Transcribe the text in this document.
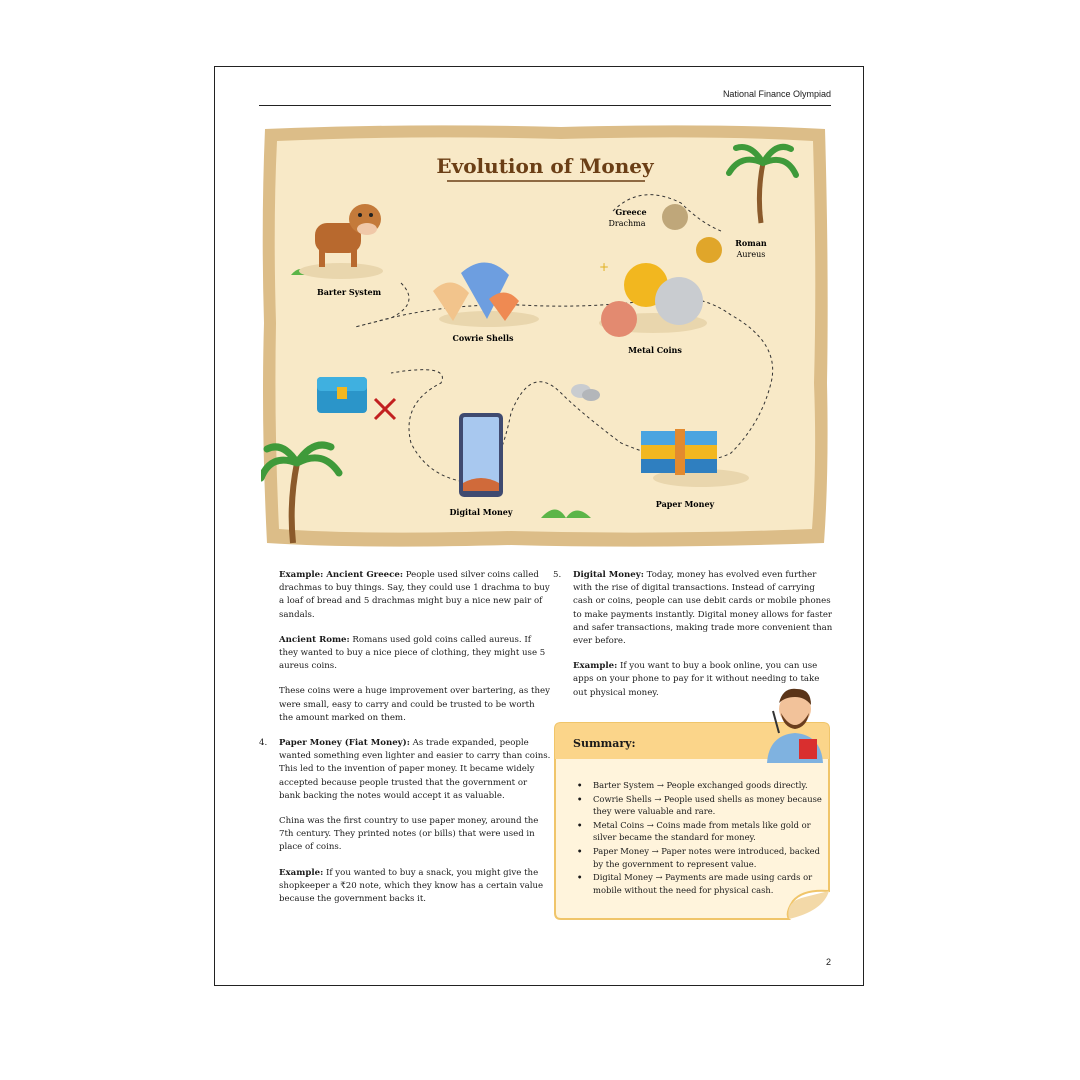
National Finance Olympiad
Evolution of Money
Barter System
Cowrie Shells
Metal Coins
Greece
Drachma
Roman
Aureus
Digital Money
Paper Money
+

Example: Ancient Greece: People used silver coins called drachmas to buy things. Say, they could use 1 drachma to buy a loaf of bread and 5 drachmas might buy a nice new pair of sandals.

Ancient Rome: Romans used gold coins called aureus. If they wanted to buy a nice piece of clothing, they might use 5 aureus coins.

These coins were a huge improvement over bartering, as they were small, easy to carry and could be trusted to be worth the amount marked on them.

4. Paper Money (Fiat Money): As trade expanded, people wanted something even lighter and easier to carry than coins. This led to the invention of paper money. It became widely accepted because people trusted that the government or bank backing the notes would accept it as valuable.

China was the first country to use paper money, around the 7th century. They printed notes (or bills) that were used in place of coins.

Example: If you wanted to buy a snack, you might give the shopkeeper a ₹20 note, which they know has a certain value because the government backs it.

5. Digital Money: Today, money has evolved even further with the rise of digital transactions. Instead of carrying cash or coins, people can use debit cards or mobile phones to make payments instantly. Digital money allows for faster and safer transactions, making trade more convenient than ever before.

Example: If you want to buy a book online, you can use apps on your phone to pay for it without needing to take out physical money.

Summary:
• Barter System → People exchanged goods directly.
• Cowrie Shells → People used shells as money because they were valuable and rare.
• Metal Coins → Coins made from metals like gold or silver became the standard for money.
• Paper Money → Paper notes were introduced, backed by the government to represent value.
• Digital Money → Payments are made using cards or mobile without the need for physical cash.
2
